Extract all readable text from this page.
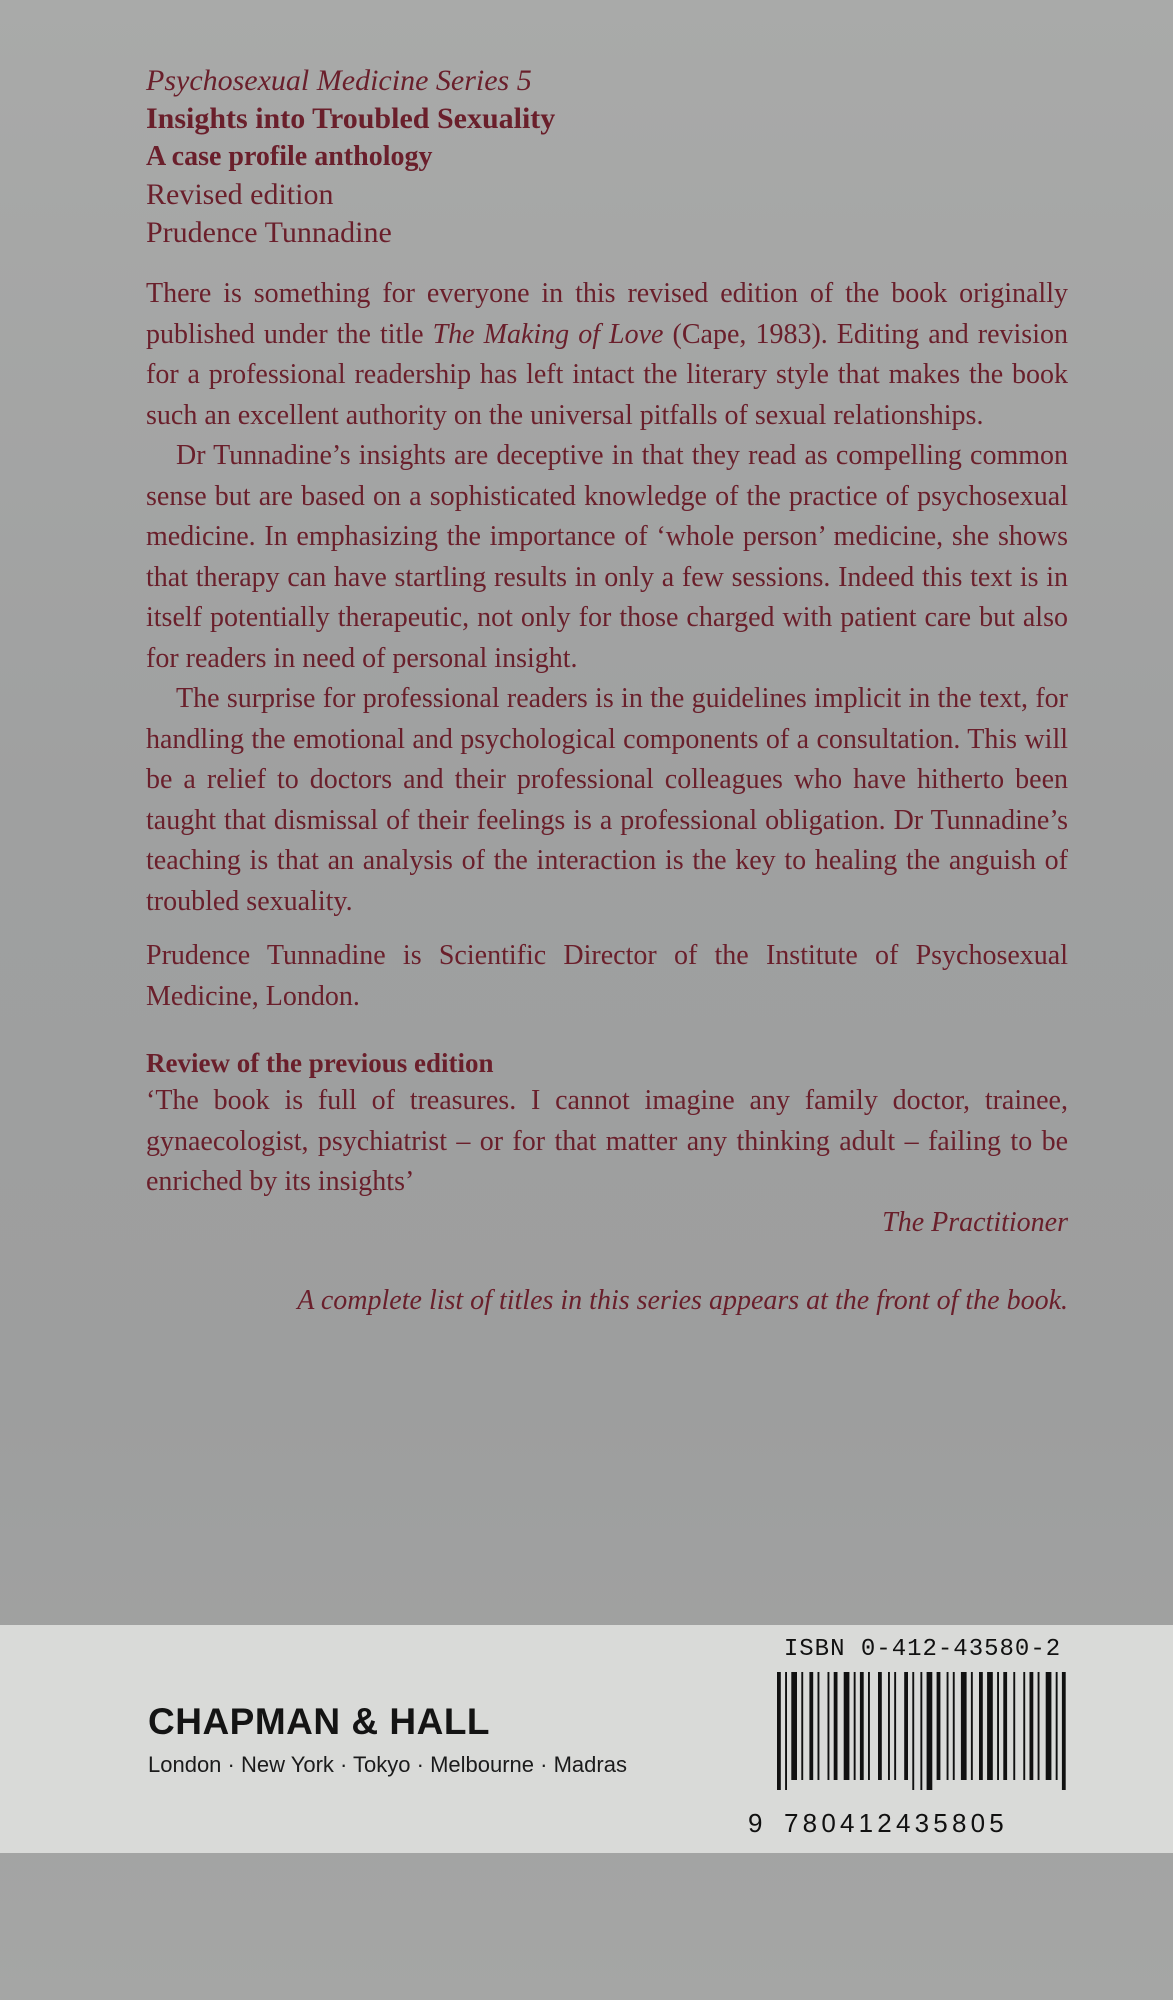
Psychosexual Medicine Series 5
Insights into Troubled Sexuality
A case profile anthology
Revised edition
Prudence Tunnadine

There is something for everyone in this revised edition of the book originally published under the title The Making of Love (Cape, 1983). Editing and revision for a professional readership has left intact the literary style that makes the book such an excellent authority on the universal pitfalls of sexual relationships.

Dr Tunnadine’s insights are deceptive in that they read as compelling common sense but are based on a sophisticated knowledge of the practice of psychosexual medicine. In emphasizing the importance of ‘whole person’ medicine, she shows that therapy can have startling results in only a few sessions. Indeed this text is in itself potentially therapeutic, not only for those charged with patient care but also for readers in need of personal insight.

The surprise for professional readers is in the guidelines implicit in the text, for handling the emotional and psychological components of a consultation. This will be a relief to doctors and their professional colleagues who have hitherto been taught that dismissal of their feelings is a professional obligation. Dr Tunnadine’s teaching is that an analysis of the interaction is the key to healing the anguish of troubled sexuality.

Prudence Tunnadine is Scientific Director of the Institute of Psychosexual Medicine, London.

Review of the previous edition

‘The book is full of treasures. I cannot imagine any family doctor, trainee, gynaecologist, psychiatrist – or for that matter any thinking adult – failing to be enriched by its insights’

The Practitioner
A complete list of titles in this series appears at the front of the book.
CHAPMAN & HALL
London · New York · Tokyo · Melbourne · Madras
ISBN 0-412-43580-2
9 780412435805
